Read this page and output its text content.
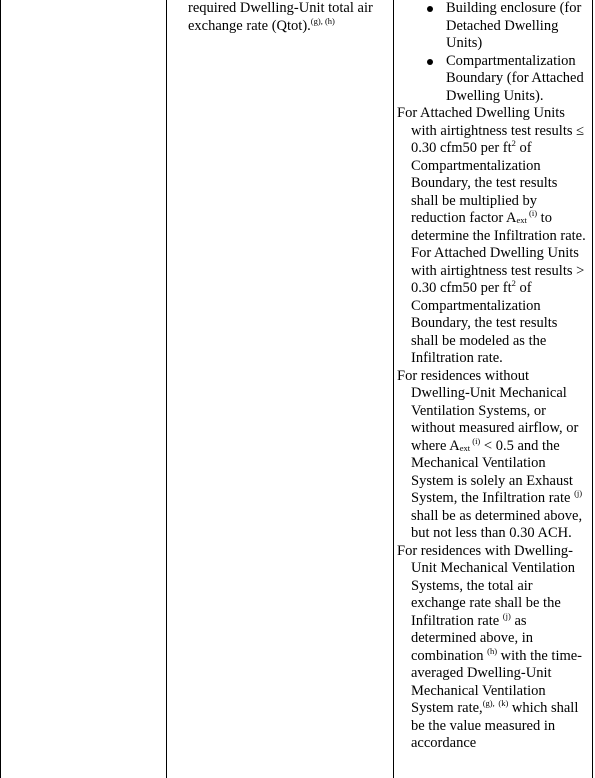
required Dwelling-Unit total air
exchange rate (Qtot).$^{(g), (h)}$
Building enclosure (for Detached Dwelling Units)
Compartmentalization Boundary (for Attached Dwelling Units).

For Attached Dwelling Units with airtightness test results ≤ 0.30 cfm50 per $ft^2$ of Compartmentalization Boundary, the test results shall be multiplied by reduction factor Aext $^{(i)}$ to determine the Infiltration rate. For Attached Dwelling Units with airtightness test results > 0.30 cfm50 per $ft^2$ of Compartmentalization Boundary, the test results shall be modeled as the Infiltration rate.

For residences without Dwelling-Unit Mechanical Ventilation Systems, or without measured airflow, or where Aext $^{(i)}$ < 0.5 and the Mechanical Ventilation System is solely an Exhaust System, the Infiltration rate $^{(j)}$ shall be as determined above, but not less than 0.30 ACH.

For residences with Dwelling-Unit Mechanical Ventilation Systems, the total air exchange rate shall be the Infiltration rate $^{(j)}$ as determined above, in combination $^{(h)}$ with the time-averaged Dwelling-Unit Mechanical Ventilation System rate,$^{(g),}$ $^{(k)}$ which shall be the value measured in accordance
